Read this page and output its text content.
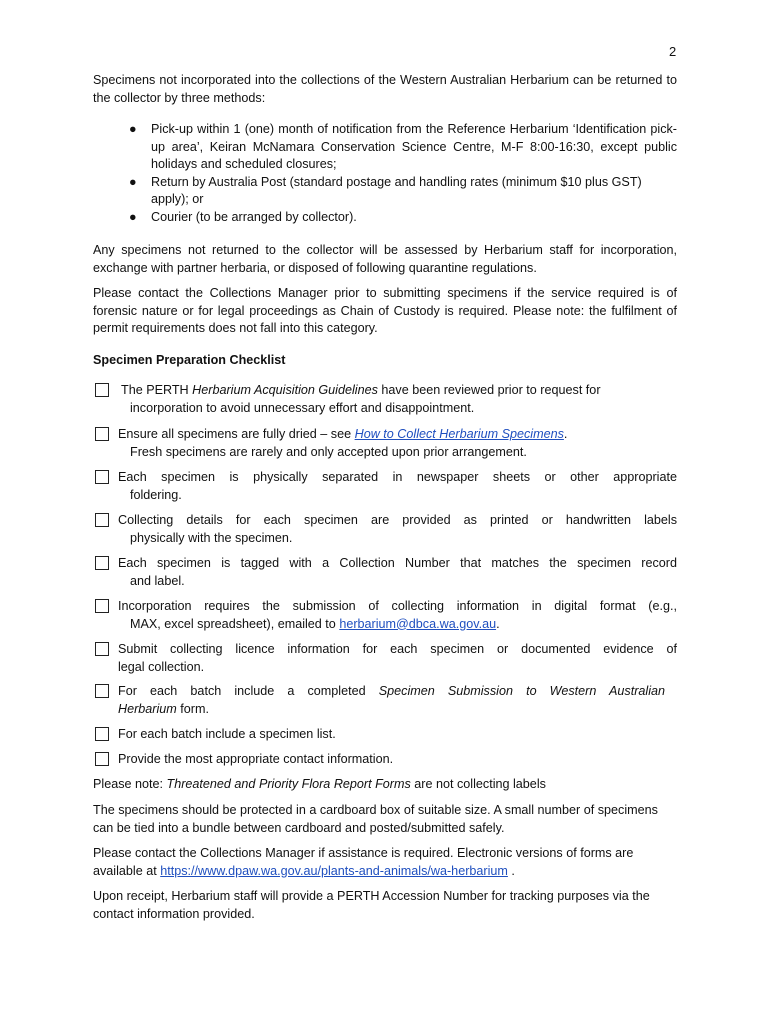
2

Specimens not incorporated into the collections of the Western Australian Herbarium can be returned to the collector by three methods:

● Pick-up within 1 (one) month of notification from the Reference Herbarium ‘Identification pick-up area’, Keiran McNamara Conservation Science Centre, M-F 8:00-16:30, except public holidays and scheduled closures;
● Return by Australia Post (standard postage and handling rates (minimum $10 plus GST) apply); or
● Courier (to be arranged by collector).

Any specimens not returned to the collector will be assessed by Herbarium staff for incorporation, exchange with partner herbaria, or disposed of following quarantine regulations.

Please contact the Collections Manager prior to submitting specimens if the service required is of forensic nature or for legal proceedings as Chain of Custody is required. Please note: the fulfilment of permit requirements does not fall into this category.

Specimen Preparation Checklist

The PERTH Herbarium Acquisition Guidelines have been reviewed prior to request for
incorporation to avoid unnecessary effort and disappointment.
Ensure all specimens are fully dried – see How to Collect Herbarium Specimens.
Fresh specimens are rarely and only accepted upon prior arrangement.
Each specimen is physically separated in newspaper sheets or other appropriate
foldering.
Collecting details for each specimen are provided as printed or handwritten labels
physically with the specimen.
Each specimen is tagged with a Collection Number that matches the specimen record
and label.
Incorporation requires the submission of collecting information in digital format (e.g.,
MAX, excel spreadsheet), emailed to herbarium@dbca.wa.gov.au.
Submit collecting licence information for each specimen or documented evidence of
legal collection.
For each batch include a completed Specimen Submission to Western Australian
Herbarium form.
For each batch include a specimen list.
Provide the most appropriate contact information.

Please note: Threatened and Priority Flora Report Forms are not collecting labels

The specimens should be protected in a cardboard box of suitable size. A small number of specimens can be tied into a bundle between cardboard and posted/submitted safely.

Please contact the Collections Manager if assistance is required. Electronic versions of forms are available at https://www.dpaw.wa.gov.au/plants-and-animals/wa-herbarium .

Upon receipt, Herbarium staff will provide a PERTH Accession Number for tracking purposes via the contact information provided.
